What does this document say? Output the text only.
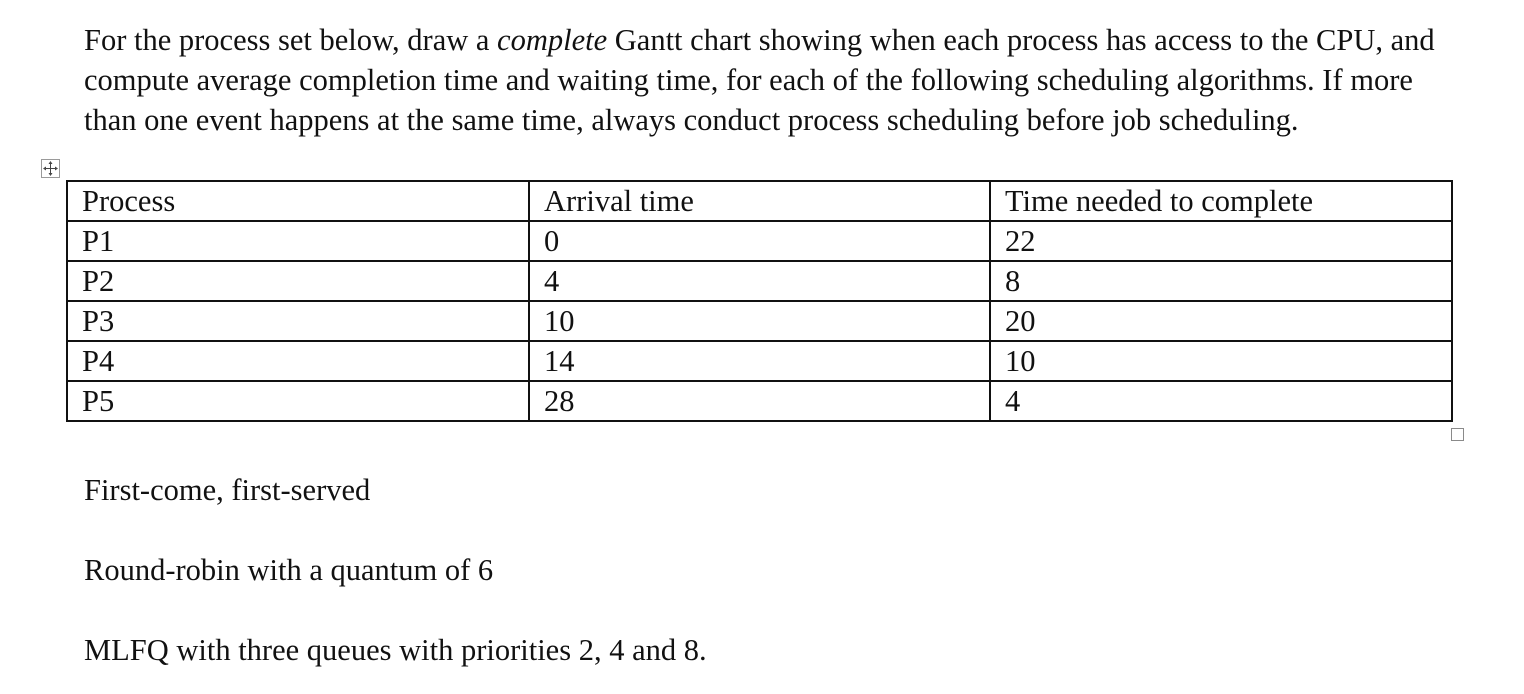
For the process set below, draw a complete Gantt chart showing when each process has access to the CPU, and compute average completion time and waiting time, for each of the following scheduling algorithms. If more than one event happens at the same time, always conduct process scheduling before job scheduling.

Process	Arrival time	Time needed to complete
P1	0	22
P2	4	8
P3	10	20
P4	14	10
P5	28	4

First-come, first-served

Round-robin with a quantum of 6

MLFQ with three queues with priorities 2, 4 and 8.
